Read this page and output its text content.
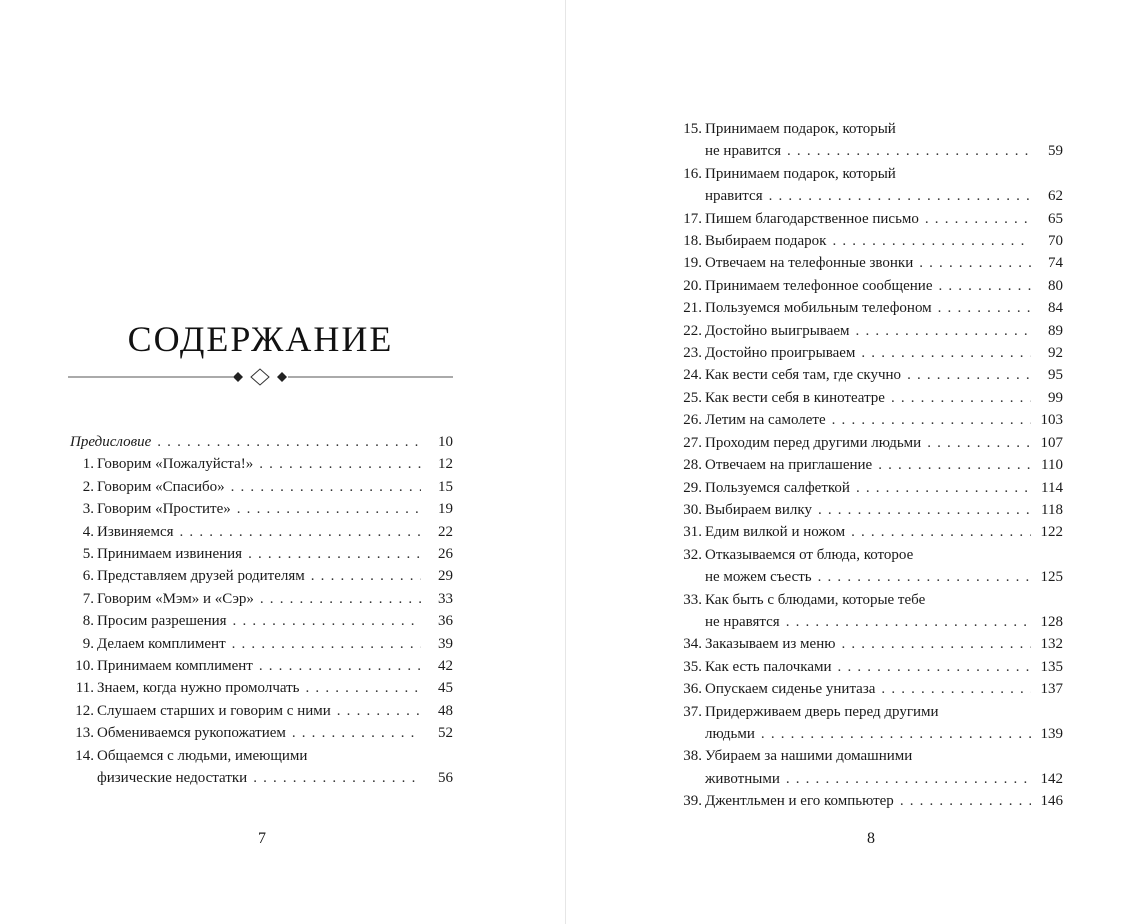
СОДЕРЖАНИЕ
Предисловие . . .	10
1. Говорим «Пожалуйста!» . . .	12
2. Говорим «Спасибо» . . .	15
3. Говорим «Простите» . . .	19
4. Извиняемся . . .	22
5. Принимаем извинения . . .	26
6. Представляем друзей родителям . . .	29
7. Говорим «Мэм» и «Сэр» . . .	33
8. Просим разрешения . . .	36
9. Делаем комплимент . . .	39
10. Принимаем комплимент . . .	42
11. Знаем, когда нужно промолчать . . .	45
12. Слушаем старших и говорим с ними . . .	48
13. Обмениваемся рукопожатием . . .	52
14. Общаемся с людьми, имеющими
физические недостатки . . .	56
15. Принимаем подарок, который
не нравится . . .	59
16. Принимаем подарок, который
нравится . . .	62
17. Пишем благодарственное письмо . . .	65
18. Выбираем подарок . . .	70
19. Отвечаем на телефонные звонки . . .	74
20. Принимаем телефонное сообщение . . .	80
21. Пользуемся мобильным телефоном . . .	84
22. Достойно выигрываем . . .	89
23. Достойно проигрываем . . .	92
24. Как вести себя там, где скучно . . .	95
25. Как вести себя в кинотеатре . . .	99
26. Летим на самолете . . .	103
27. Проходим перед другими людьми . . .	107
28. Отвечаем на приглашение . . .	110
29. Пользуемся салфеткой . . .	114
30. Выбираем вилку . . .	118
31. Едим вилкой и ножом . . .	122
32. Отказываемся от блюда, которое
не можем съесть . . .	125
33. Как быть с блюдами, которые тебе
не нравятся . . .	128
34. Заказываем из меню . . .	132
35. Как есть палочками . . .	135
36. Опускаем сиденье унитаза . . .	137
37. Придерживаем дверь перед другими
людьми . . .	139
38. Убираем за нашими домашними
животными . . .	142
39. Джентльмен и его компьютер . . .	146
7	8
